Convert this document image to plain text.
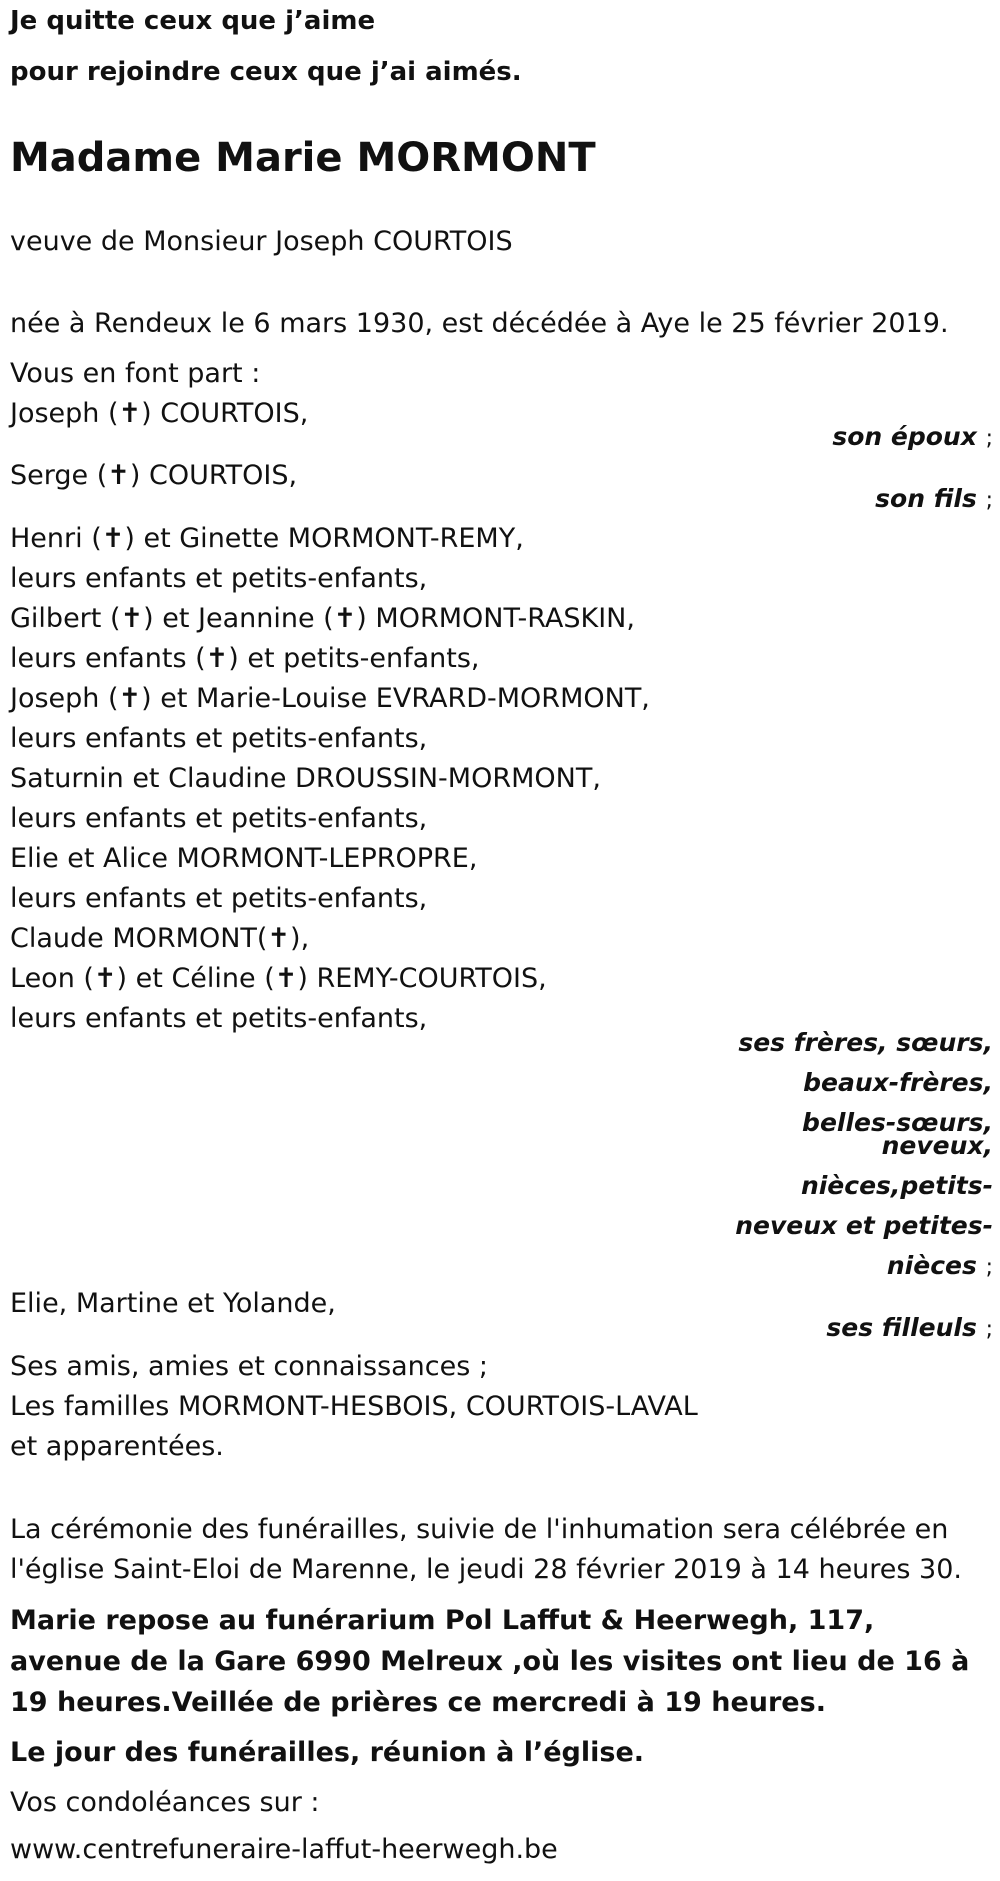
Je quitte ceux que j’aime
pour rejoindre ceux que j’ai aimés.
Madame Marie MORMONT
veuve de Monsieur Joseph COURTOIS
née à Rendeux le 6 mars 1930, est décédée à Aye le 25 février 2019.
Vous en font part :
Joseph (✝) COURTOIS,
son époux ;
Serge (✝) COURTOIS,
son fils ;
Henri (✝) et Ginette MORMONT-REMY,
leurs enfants et petits-enfants,
Gilbert (✝) et Jeannine (✝) MORMONT-RASKIN,
leurs enfants (✝) et petits-enfants,
Joseph (✝) et Marie-Louise EVRARD-MORMONT,
leurs enfants et petits-enfants,
Saturnin et Claudine DROUSSIN-MORMONT,
leurs enfants et petits-enfants,
Elie et Alice MORMONT-LEPROPRE,
leurs enfants et petits-enfants,
Claude MORMONT(✝),
Leon (✝) et Céline (✝) REMY-COURTOIS,
leurs enfants et petits-enfants,
ses frères, sœurs,
beaux-frères,
belles-sœurs,
neveux,
nièces,petits-
neveux et petites-
nièces ;
Elie, Martine et Yolande,
ses filleuls ;
Ses amis, amies et connaissances ;
Les familles MORMONT-HESBOIS, COURTOIS-LAVAL
et apparentées.
La cérémonie des funérailles, suivie de l'inhumation sera célébrée en l'église Saint-Eloi de Marenne, le jeudi 28 février 2019 à 14 heures 30.
Marie repose au funérarium Pol Laffut & Heerwegh, 117, avenue de la Gare 6990 Melreux ,où les visites ont lieu de 16 à 19 heures.Veillée de prières ce mercredi à 19 heures.
Le jour des funérailles, réunion à l’église.
Vos condoléances sur :
www.centrefuneraire-laffut-heerwegh.be
